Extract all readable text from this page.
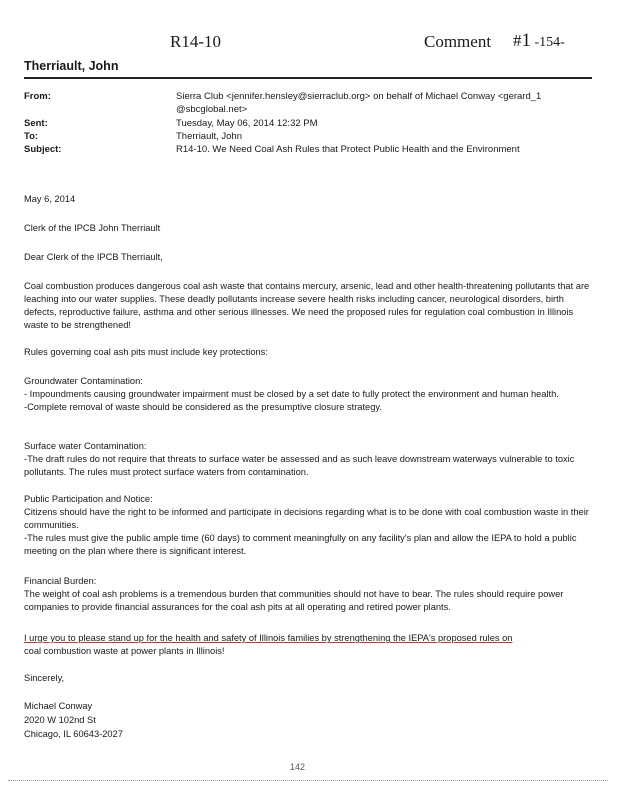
R14-10	Comment #1 -154-
Therriault, John
From:	Sierra Club <jennifer.hensley@sierraclub.org> on behalf of Michael Conway <gerard_1
@sbcglobal.net>
Sent:	Tuesday, May 06, 2014 12:32 PM
To:	Therriault, John
Subject:	R14-10. We Need Coal Ash Rules that Protect Public Health and the Environment

May 6, 2014

Clerk of the IPCB John Therriault

Dear Clerk of the IPCB Therriault,

Coal combustion produces dangerous coal ash waste that contains mercury, arsenic, lead and other health-threatening pollutants that are leaching into our water supplies. These deadly pollutants increase severe health risks including cancer, neurological disorders, birth defects, reproductive failure, asthma and other serious illnesses. We need the proposed rules for regulation coal combustion in Illinois waste to be strengthened!

Rules governing coal ash pits must include key protections:

Groundwater Contamination:

- Impoundments causing groundwater impairment must be closed by a set date to fully protect the environment and human health.

-Complete removal of waste should be considered as the presumptive closure strategy.

Surface water Contamination:

-The draft rules do not require that threats to surface water be assessed and as such leave downstream waterways vulnerable to toxic pollutants. The rules must protect surface waters from contamination.

Public Participation and Notice:

Citizens should have the right to be informed and participate in decisions regarding what is to be done with coal combustion waste in their communities.

-The rules must give the public ample time (60 days) to comment meaningfully on any facility's plan and allow the IEPA to hold a public meeting on the plan where there is significant interest.

Financial Burden:

The weight of coal ash problems is a tremendous burden that communities should not have to bear. The rules should require power companies to provide financial assurances for the coal ash pits at all operating and retired power plants.

I urge you to please stand up for the health and safety of Illinois families by strengthening the IEPA's proposed rules on

coal combustion waste at power plants in Illinois!

Sincerely,
Michael Conway
2020 W 102nd St
Chicago, IL 60643-2027
142
